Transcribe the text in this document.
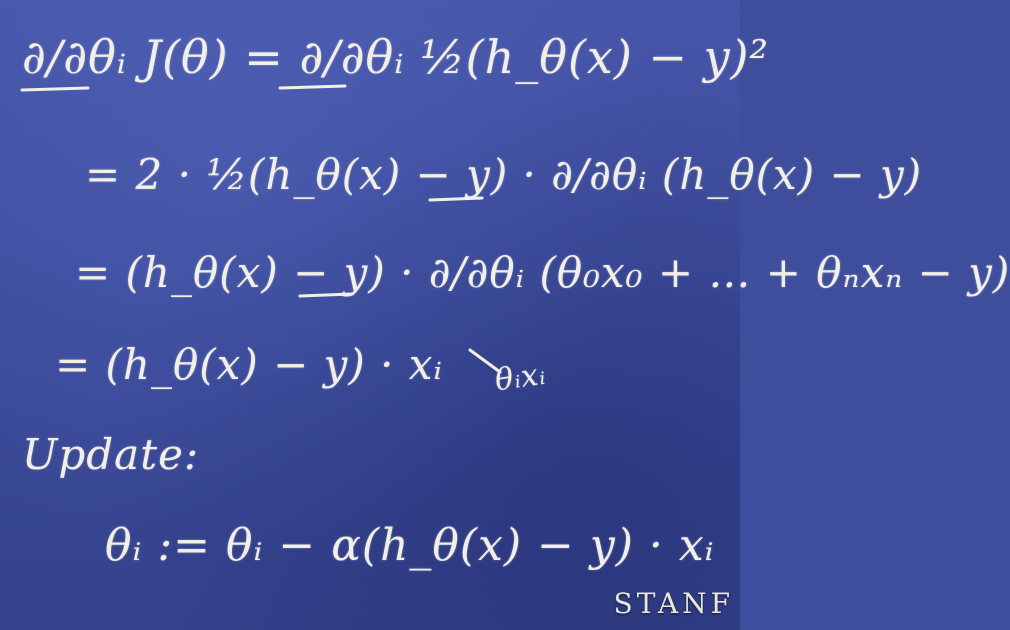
∂/∂θᵢ J(θ) = ∂/∂θᵢ ½(h_θ(x) − y)²
= 2 · ½(h_θ(x) − y) · ∂/∂θᵢ (h_θ(x) − y)
= (h_θ(x) − y) · ∂/∂θᵢ (θ₀x₀ + … + θₙxₙ − y)
= (h_θ(x) − y) · xᵢ θᵢxᵢ
Update:
θᵢ := θᵢ − α(h_θ(x) − y) · xᵢ
STANF
